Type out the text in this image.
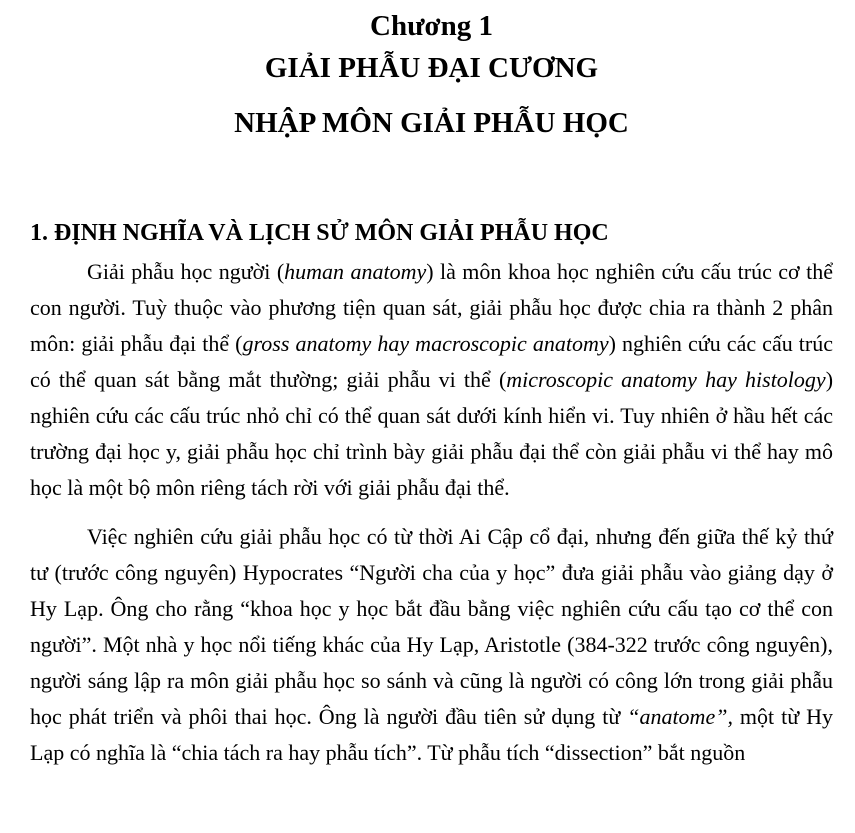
Chương 1
GIẢI PHẪU ĐẠI CƯƠNG
NHẬP MÔN GIẢI PHẪU HỌC
1. ĐỊNH NGHĨA VÀ LỊCH SỬ MÔN GIẢI PHẪU HỌC

Giải phẫu học người (human anatomy) là môn khoa học nghiên cứu cấu trúc cơ thể con người. Tuỳ thuộc vào phương tiện quan sát, giải phẫu học được chia ra thành 2 phân môn: giải phẫu đại thể (gross anatomy hay macroscopic anatomy) nghiên cứu các cấu trúc có thể quan sát bằng mắt thường; giải phẫu vi thể (microscopic anatomy hay histology) nghiên cứu các cấu trúc nhỏ chỉ có thể quan sát dưới kính hiển vi. Tuy nhiên ở hầu hết các trường đại học y, giải phẫu học chỉ trình bày giải phẫu đại thể còn giải phẫu vi thể hay mô học là một bộ môn riêng tách rời với giải phẫu đại thể.

Việc nghiên cứu giải phẫu học có từ thời Ai Cập cổ đại, nhưng đến giữa thế kỷ thứ tư (trước công nguyên) Hypocrates “Người cha của y học” đưa giải phẫu vào giảng dạy ở Hy Lạp. Ông cho rằng “khoa học y học bắt đầu bằng việc nghiên cứu cấu tạo cơ thể con người”. Một nhà y học nổi tiếng khác của Hy Lạp, Aristotle (384-322 trước công nguyên), người sáng lập ra môn giải phẫu học so sánh và cũng là người có công lớn trong giải phẫu học phát triển và phôi thai học. Ông là người đầu tiên sử dụng từ “anatome”, một từ Hy Lạp có nghĩa là “chia tách ra hay phẫu tích”. Từ phẫu tích “dissection” bắt nguồn
